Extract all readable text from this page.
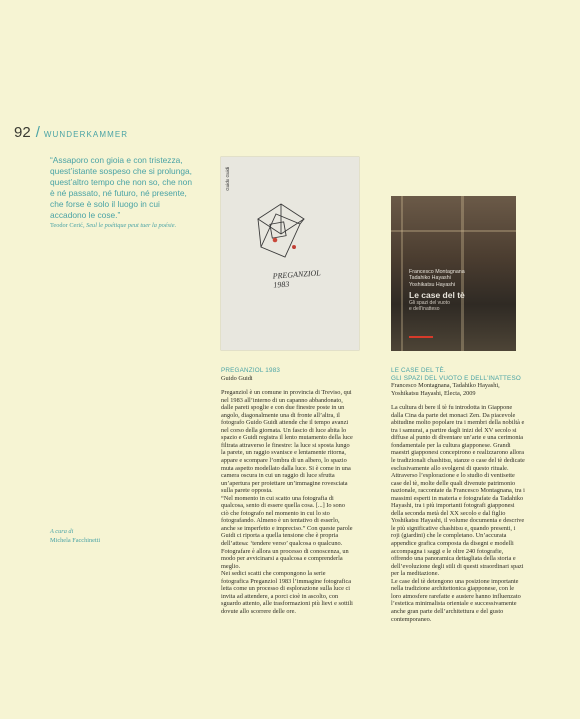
92 / WUNDERKAMMER
“Assaporo con gioia e con tristezza, quest’istante sospeso che si prolunga, quest’altro tempo che non so, che non è né passato, né futuro, né presente, che forse è solo il luogo in cui accadono le cose.”
Teodor Cerić, Seul le poétique peut tuer la poésie.
A cura di
Michela Facchinetti
Guido Guidi
e
PREGANZIOL
1983
Francesco Montagnana
Tadahiko Hayashi
Yoshikatsu Hayashi
Le case del tè
Gli spazi del vuoto
e dell’inatteso
PREGANZIOL 1983
Guido Guidi

Preganziol è un comune in provincia di Treviso, qui nel 1983 all’interno di un capanno abbandonato, dalle pareti spoglie e con due finestre poste in un angolo, diagonalmente una di fronte all’altra, il fotografo Guido Guidi attende che il tempo avanzi nel corso della giornata. Un fascio di luce abita lo spazio e Guidi registra il lento mutamento della luce filtrata attraverso le finestre: la luce si sposta lungo la parete, un raggio svanisce e lentamente ritorna, appare e scompare l’ombra di un albero, lo spazio muta aspetto modellato dalla luce. Si è come in una camera oscura in cui un raggio di luce sfrutta un’apertura per proiettare un’immagine rovesciata sulla parete opposta.
“Nel momento in cui scatto una fotografia di qualcosa, sento di essere quella cosa. [...] Io sono ciò che fotografo nel momento in cui lo sto fotografando. Almeno è un tentativo di esserlo, anche se imperfetto e impreciso.” Con queste parole Guidi ci riporta a quella tensione che è propria dell’attesa: ‘tendere verso’ qualcosa o qualcuno. Fotografare è allora un processo di conoscenza, un modo per avvicinarsi a qualcosa e comprenderla meglio.
Nei sedici scatti che compongono la serie fotografica Preganziol 1983 l’immagine fotografica letta come un processo di esplorazione sulla luce ci invita ad attendere, a porci cioè in ascolto, con sguardo attento, alle trasformazioni più lievi e sottili dovute allo scorrere delle ore.

LE CASE DEL TÈ.
GLI SPAZI DEL VUOTO E DELL’INATTESO
Francesco Montagnana, Tadahiko Hayashi, Yoshikatsu Hayashi, Electa, 2009

La cultura di bere il tè fu introdotta in Giappone dalla Cina da parte dei monaci Zen. Da piacevole abitudine molto popolare tra i membri della nobiltà e tra i samurai, a partire dagli inizi del XV secolo si diffuse al punto di diventare un’arte e una cerimonia fondamentale per la cultura giapponese. Grandi maestri giapponesi concepirono e realizzarono allora le tradizionali chashitsu, stanze o case del tè dedicate esclusivamente allo svolgersi di questo rituale.
Attraverso l’esplorazione e lo studio di ventisette case del tè, molte delle quali divenute patrimonio nazionale, raccontate da Francesco Montagnana, tra i massimi esperti in materia e fotografate da Tadahiko Hayashi, tra i più importanti fotografi giapponesi della seconda metà del XX secolo e dal figlio Yoshikatsu Hayashi, il volume documenta e descrive le più significative chashitsu e, quando presenti, i roji (giardini) che le completano. Un’accurata appendice grafica composta da disegni e modelli accompagna i saggi e le oltre 240 fotografie, offrendo una panoramica dettagliata della storia e dell’evoluzione degli stili di questi straordinari spazi per la meditazione.
Le case del tè detengono una posizione importante nella tradizione architettonica giapponese, con le loro atmosfere rarefatte e austere hanno influenzato l’estetica minimalista orientale e successivamente anche gran parte dell’architettura e del gusto contemporaneo.
